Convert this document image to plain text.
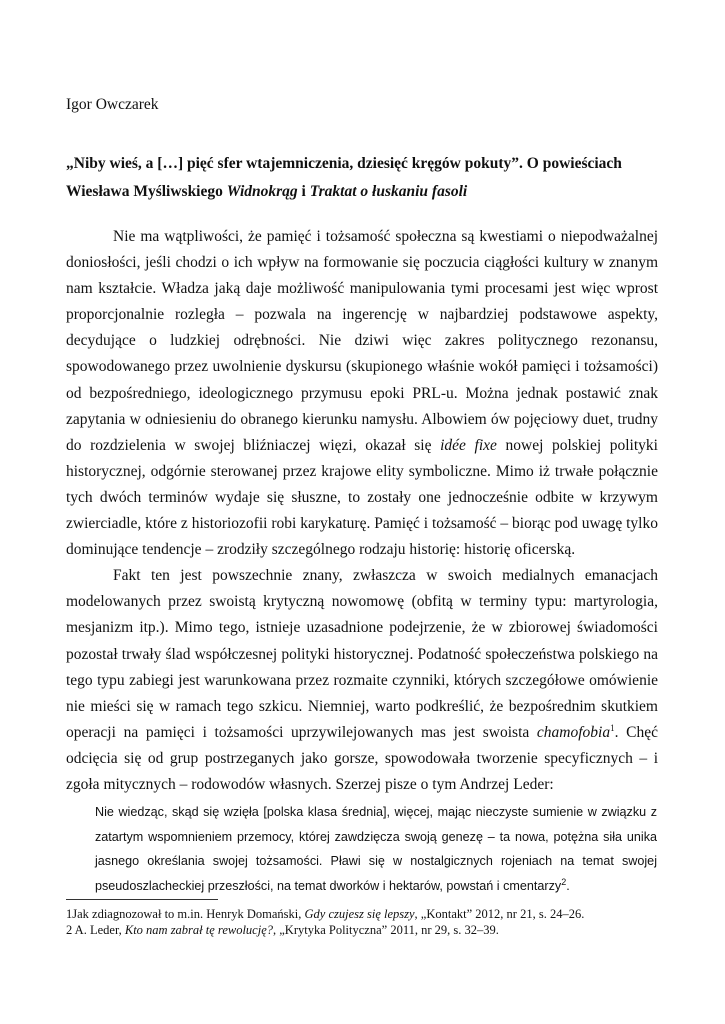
Igor Owczarek

„Niby wieś, a […] pięć sfer wtajemniczenia, dziesięć kręgów pokuty”. O powieściach
Wiesława Myśliwskiego Widnokrąg i Traktat o łuskaniu fasoli

Nie ma wątpliwości, że pamięć i tożsamość społeczna są kwestiami o niepodważalnej doniosłości, jeśli chodzi o ich wpływ na formowanie się poczucia ciągłości kultury w znanym nam kształcie. Władza jaką daje możliwość manipulowania tymi procesami jest więc wprost proporcjonalnie rozległa – pozwala na ingerencję w najbardziej podstawowe aspekty, decydujące o ludzkiej odrębności. Nie dziwi więc zakres politycznego rezonansu, spowodowanego przez uwolnienie dyskursu (skupionego właśnie wokół pamięci i tożsamości) od bezpośredniego, ideologicznego przymusu epoki PRL-u. Można jednak postawić znak zapytania w odniesieniu do obranego kierunku namysłu. Albowiem ów pojęciowy duet, trudny do rozdzielenia w swojej bliźniaczej więzi, okazał się idée fixe nowej polskiej polityki historycznej, odgórnie sterowanej przez krajowe elity symboliczne. Mimo iż trwałe połącznie tych dwóch terminów wydaje się słuszne, to zostały one jednocześnie odbite w krzywym zwierciadle, które z historiozofii robi karykaturę. Pamięć i tożsamość – biorąc pod uwagę tylko dominujące tendencje – zrodziły szczególnego rodzaju historię: historię oficerską.

Fakt ten jest powszechnie znany, zwłaszcza w swoich medialnych emanacjach modelowanych przez swoistą krytyczną nowomowę (obfitą w terminy typu: martyrologia, mesjanizm itp.). Mimo tego, istnieje uzasadnione podejrzenie, że w zbiorowej świadomości pozostał trwały ślad współczesnej polityki historycznej. Podatność społeczeństwa polskiego na tego typu zabiegi jest warunkowana przez rozmaite czynniki, których szczegółowe omówienie nie mieści się w ramach tego szkicu. Niemniej, warto podkreślić, że bezpośrednim skutkiem operacji na pamięci i tożsamości uprzywilejowanych mas jest swoista chamofobia$^1$. Chęć odcięcia się od grup postrzeganych jako gorsze, spowodowała tworzenie specyficznych – i zgoła mitycznych – rodowodów własnych. Szerzej pisze o tym Andrzej Leder:

Nie wiedząc, skąd się wzięła [polska klasa średnia], więcej, mając nieczyste sumienie w związku z zatartym wspomnieniem przemocy, której zawdzięcza swoją genezę – ta nowa, potężna siła unika jasnego określania swojej tożsamości. Pławi się w nostalgicznych rojeniach na temat swojej pseudoszlacheckiej przeszłości, na temat dworków i hektarów, powstań i cmentarzy$^2$.

1Jak zdiagnozował to m.in. Henryk Domański, Gdy czujesz się lepszy, „Kontakt” 2012, nr 21, s. 24–26.

2 A. Leder, Kto nam zabrał tę rewolucję?, „Krytyka Polityczna” 2011, nr 29, s. 32–39.
